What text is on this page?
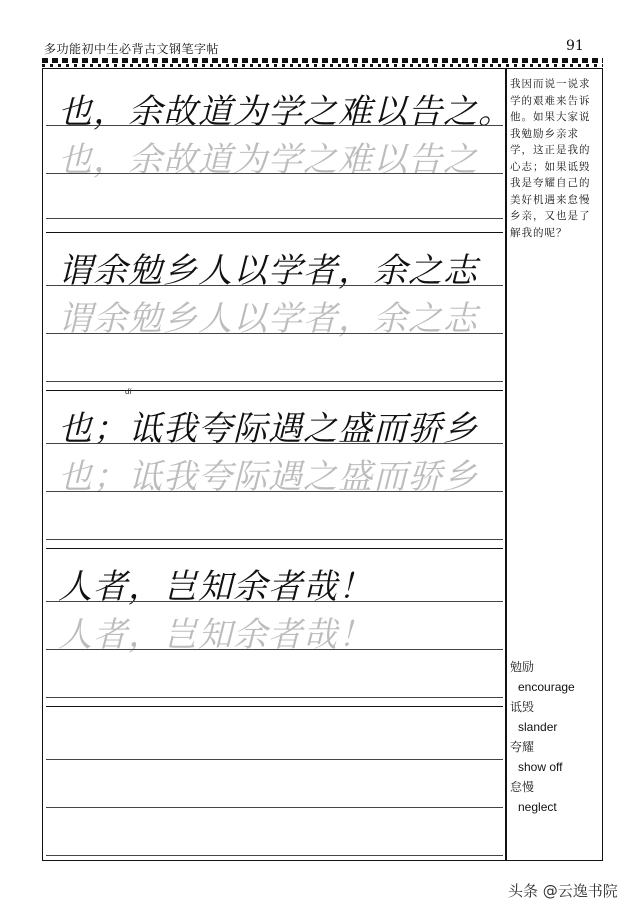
多功能初中生必背古文钢笔字帖	91
也，余故道为学之难以告之。
也，余故道为学之难以告之
谓余勉乡人以学者，余之志
谓余勉乡人以学者，余之志
dǐ
也；诋我夸际遇之盛而骄乡
也；诋我夸际遇之盛而骄乡
人者，岂知余者哉！
人者，岂知余者哉！
我因而说一说求学的艰难来告诉他。如果大家说我勉励乡亲求学，这正是我的心志；如果诋毁我是夸耀自己的美好机遇来怠慢乡亲，又也是了解我的呢？
勉励
encourage
诋毁
slander
夸耀
show off
怠慢
neglect
头条 @云逸书院
